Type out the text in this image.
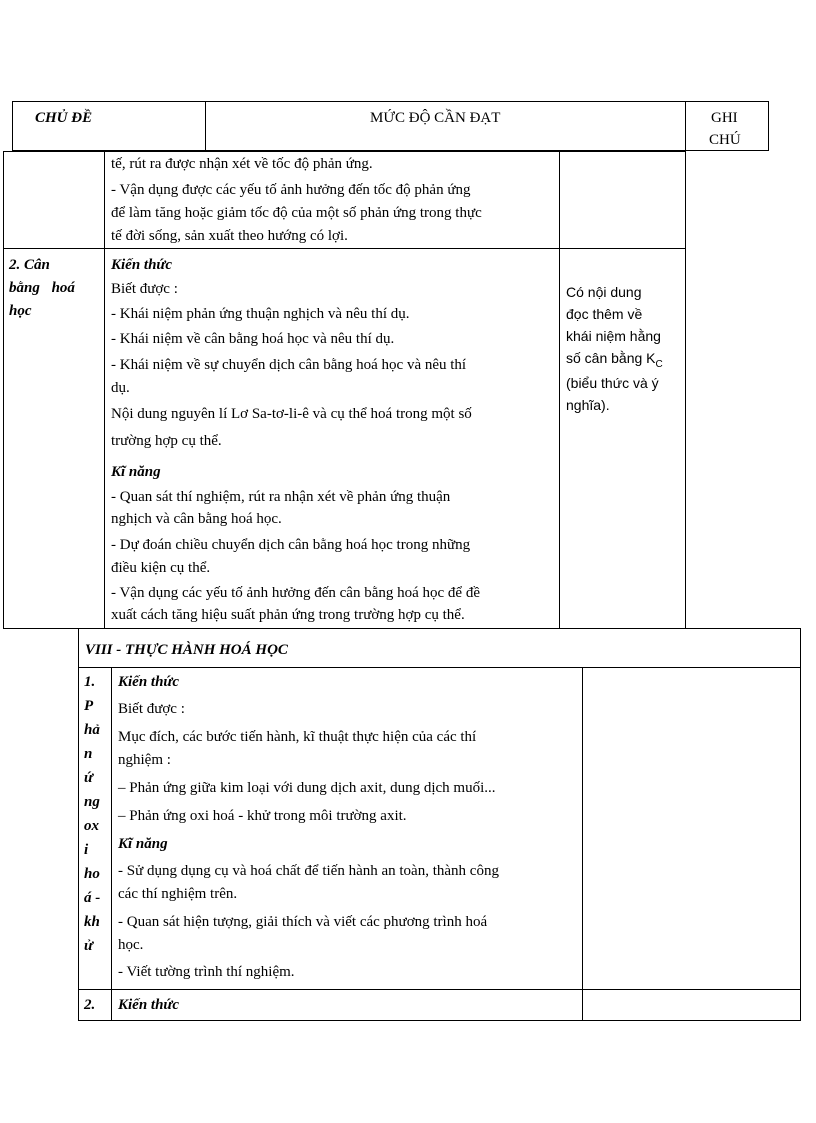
CHỦ ĐỀ	MỨC ĐỘ CẦN ĐẠT	GHI
CHÚ
tế, rút ra được nhận xét về tốc độ phản ứng.
- Vận dụng được các yếu tố ảnh hưởng đến tốc độ phản ứng
để làm tăng hoặc giảm tốc độ của một số phản ứng trong thực
tế đời sống, sản xuất theo hướng có lợi.
2. Cân
bằng hoá
học
Kiến thức
Biết được :
- Khái niệm phản ứng thuận nghịch và nêu thí dụ.
- Khái niệm về cân bằng hoá học và nêu thí dụ.
- Khái niệm về sự chuyển dịch cân bằng hoá học và nêu thí
dụ.
Nội dung nguyên lí Lơ Sa-tơ-li-ê và cụ thể hoá trong một số
trường hợp cụ thể.
Kĩ năng
- Quan sát thí nghiệm, rút ra nhận xét về phản ứng thuận
nghịch và cân bằng hoá học.
- Dự đoán chiều chuyển dịch cân bằng hoá học trong những
điều kiện cụ thể.
- Vận dụng các yếu tố ảnh hưởng đến cân bằng hoá học để đề
xuất cách tăng hiệu suất phản ứng trong trường hợp cụ thể.
Có nội dung
đọc thêm về
khái niệm hằng
số cân bằng $K_C$
(biểu thức và ý
nghĩa).
VIII - THỰC HÀNH HOÁ HỌC
1.
P
hả
n
ứ
ng
ox
i
ho
á -
kh
ử
Kiến thức
Biết được :
Mục đích, các bước tiến hành, kĩ thuật thực hiện của các thí
nghiệm :
– Phản ứng giữa kim loại với dung dịch axit, dung dịch muối...
– Phản ứng oxi hoá - khử trong môi trường axit.
Kĩ năng
- Sử dụng dụng cụ và hoá chất để tiến hành an toàn, thành công
các thí nghiệm trên.
- Quan sát hiện tượng, giải thích và viết các phương trình hoá
học.
- Viết tường trình thí nghiệm.
2. Kiến thức
